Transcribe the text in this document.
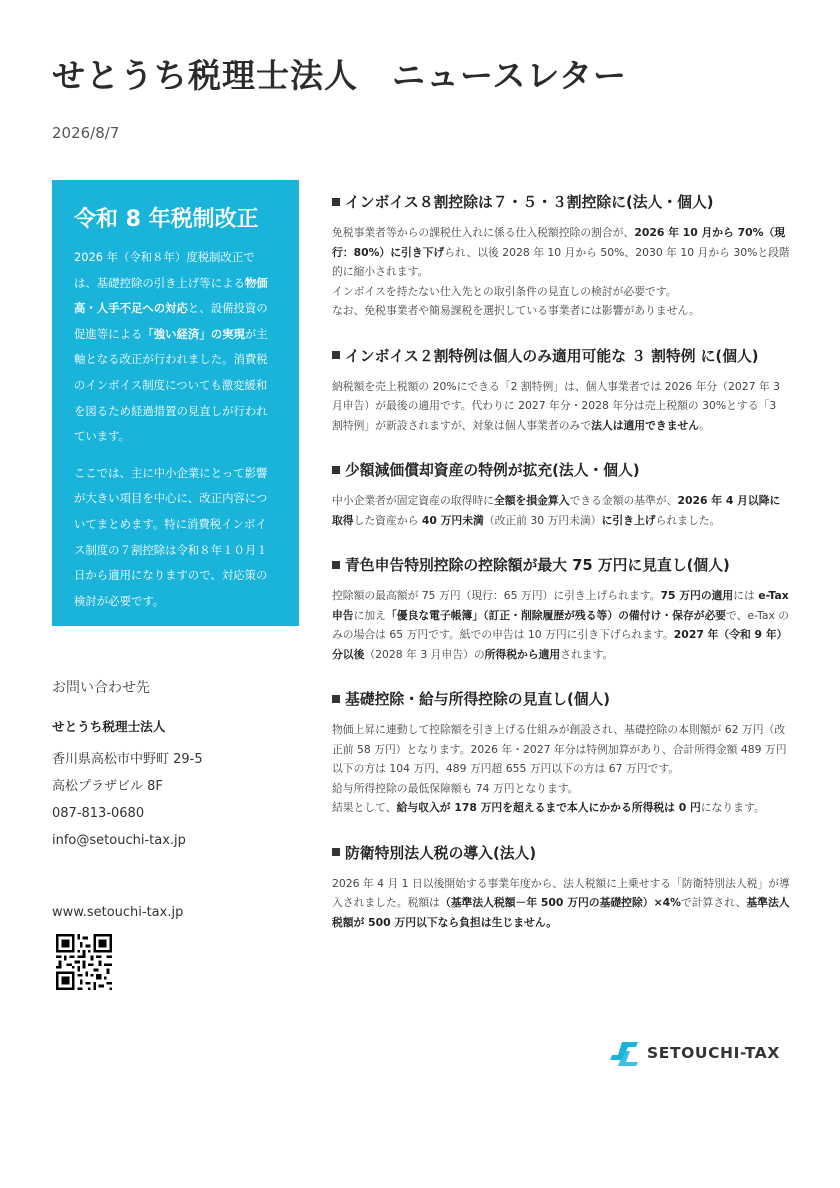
せとうち税理士法人　ニュースレター
2026/8/7
令和 8 年税制改正

2026 年（令和８年）度税制改正では、基礎控除の引き上げ等による物価高・人手不足への対応と、設備投資の促進等による「強い経済」の実現が主軸となる改正が行われました。消費税のインボイス制度についても激変緩和を図るため経過措置の見直しが行われています。

ここでは、主に中小企業にとって影響が大きい項目を中心に、改正内容についてまとめます。特に消費税インボイス制度の７割控除は令和８年１０月１日から適用になりますので、対応策の検討が必要です。

お問い合わせ先
せとうち税理士法人
香川県高松市中野町 29-5
高松プラザビル 8F
087-813-0680
info@setouchi-tax.jp
www.setouchi-tax.jp
インボイス８割控除は７・５・３割控除に(法人・個人)

免税事業者等からの課税仕入れに係る仕入税額控除の割合が、2026 年 10 月から 70%（現行：80%）に引き下げられ、以後 2028 年 10 月から 50%、2030 年 10 月から 30%と段階的に縮小されます。
インボイスを持たない仕入先との取引条件の見直しの検討が必要です。
なお、免税事業者や簡易課税を選択している事業者には影響がありません。

インボイス２割特例は個人のみ適用可能な ３ 割特例 に(個人)

納税額を売上税額の 20%にできる「2 割特例」は、個人事業者では 2026 年分（2027 年 3 月申告）が最後の適用です。代わりに 2027 年分・2028 年分は売上税額の 30%とする「3 割特例」が新設されますが、対象は個人事業者のみで法人は適用できません。

少額減価償却資産の特例が拡充(法人・個人)

中小企業者が固定資産の取得時に全額を損金算入できる金額の基準が、2026 年 4 月以降に取得した資産から 40 万円未満（改正前 30 万円未満）に引き上げられました。

青色申告特別控除の控除額が最大 75 万円に見直し(個人)

控除額の最高額が 75 万円（現行：65 万円）に引き上げられます。75 万円の適用には e-Tax 申告に加え「優良な電子帳簿」（訂正・削除履歴が残る等）の備付け・保存が必要で、e-Tax のみの場合は 65 万円です。紙での申告は 10 万円に引き下げられます。2027 年（令和 9 年）分以後（2028 年 3 月申告）の所得税から適用されます。

基礎控除・給与所得控除の見直し(個人)

物価上昇に連動して控除額を引き上げる仕組みが創設され、基礎控除の本則額が 62 万円（改正前 58 万円）となります。2026 年・2027 年分は特例加算があり、合計所得金額 489 万円以下の方は 104 万円、489 万円超 655 万円以下の方は 67 万円です。
給与所得控除の最低保障額も 74 万円となります。
結果として、給与収入が 178 万円を超えるまで本人にかかる所得税は 0 円になります。

防衛特別法人税の導入(法人)

2026 年 4 月 1 日以後開始する事業年度から、法人税額に上乗せする「防衛特別法人税」が導入されました。税額は（基準法人税額－年 500 万円の基礎控除）×4%で計算され、基準法人税額が 500 万円以下なら負担は生じません。

SETOUCHI-TAX
